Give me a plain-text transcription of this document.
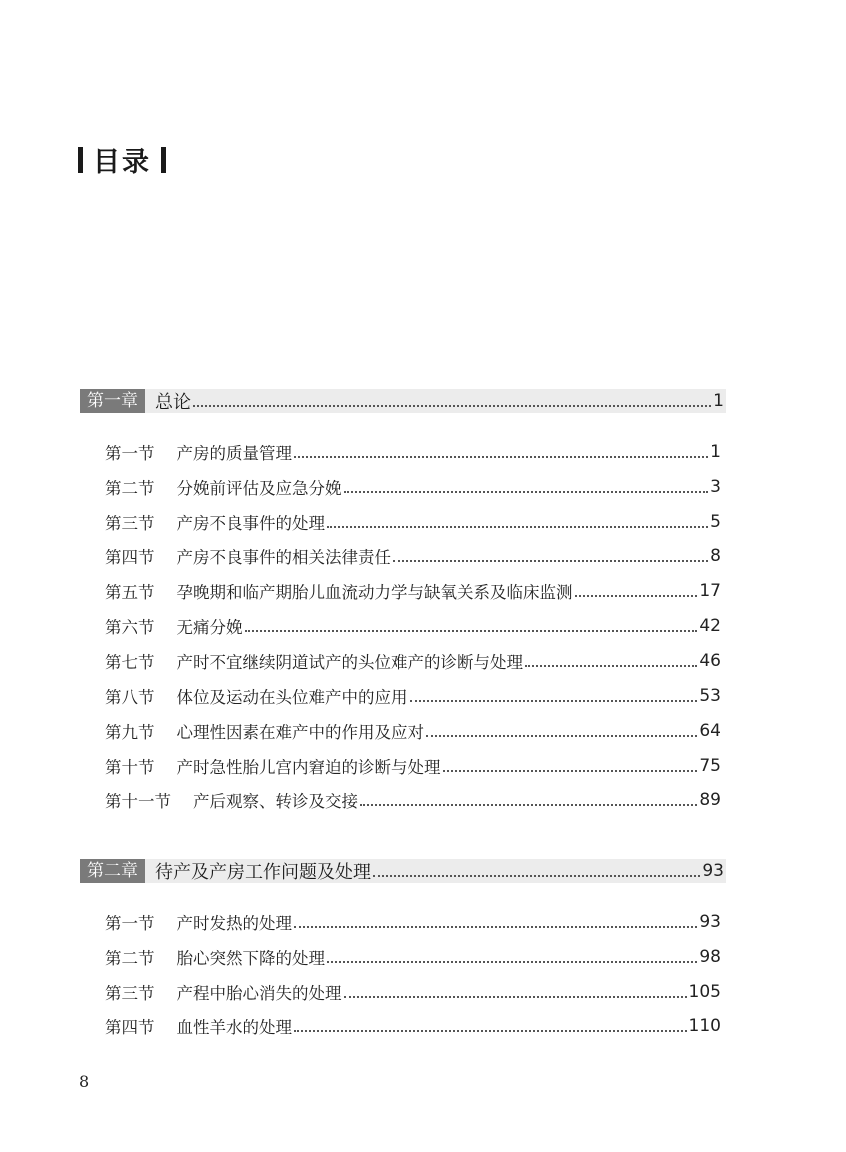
目录
第一章 总论	1
第一节 产房的质量管理	1
第二节 分娩前评估及应急分娩	3
第三节 产房不良事件的处理	5
第四节 产房不良事件的相关法律责任	8
第五节 孕晚期和临产期胎儿血流动力学与缺氧关系及临床监测	17
第六节 无痛分娩	42
第七节 产时不宜继续阴道试产的头位难产的诊断与处理	46
第八节 体位及运动在头位难产中的应用	53
第九节 心理性因素在难产中的作用及应对	64
第十节 产时急性胎儿宫内窘迫的诊断与处理	75
第十一节 产后观察、转诊及交接	89
第二章 待产及产房工作问题及处理	93
第一节 产时发热的处理	93
第二节 胎心突然下降的处理	98
第三节 产程中胎心消失的处理	105
第四节 血性羊水的处理	110
8
